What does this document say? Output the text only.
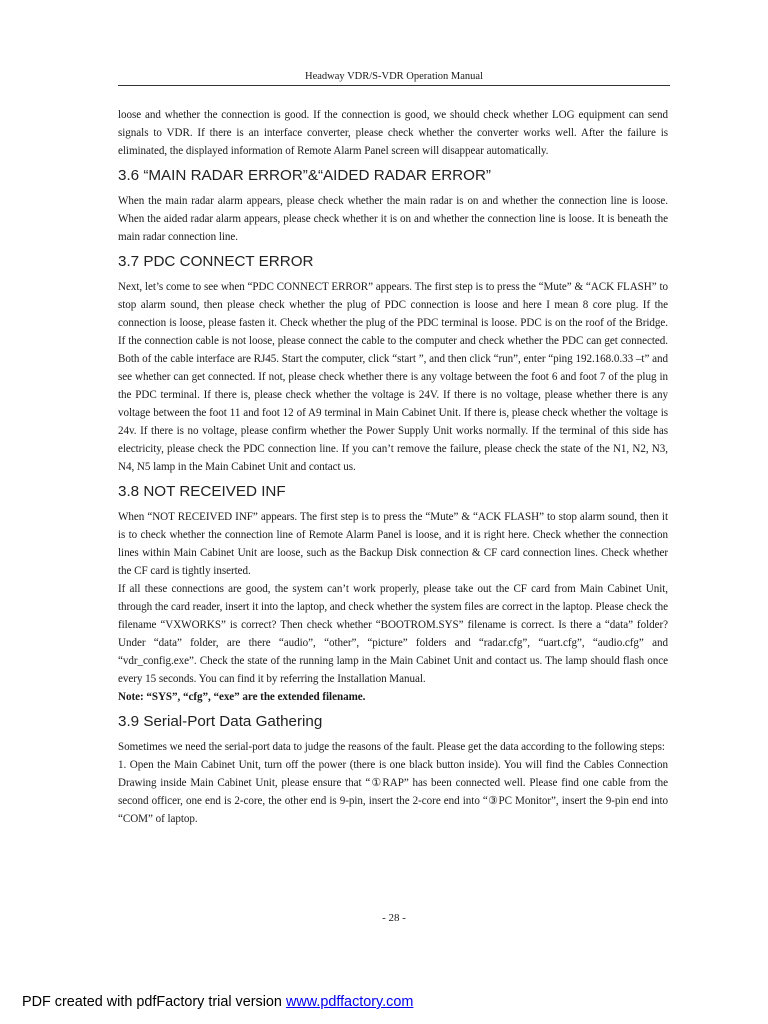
Headway VDR/S-VDR Operation Manual

loose and whether the connection is good. If the connection is good, we should check whether LOG equipment can send signals to VDR. If there is an interface converter, please check whether the converter works well. After the failure is eliminated, the displayed information of Remote Alarm Panel screen will disappear automatically.

3.6 “MAIN RADAR ERROR”&“AIDED RADAR ERROR”

When the main radar alarm appears, please check whether the main radar is on and whether the connection line is loose. When the aided radar alarm appears, please check whether it is on and whether the connection line is loose. It is beneath the main radar connection line.

3.7 PDC CONNECT ERROR

Next, let’s come to see when “PDC CONNECT ERROR” appears. The first step is to press the “Mute” & “ACK FLASH” to stop alarm sound, then please check whether the plug of PDC connection is loose and here I mean 8 core plug. If the connection is loose, please fasten it. Check whether the plug of the PDC terminal is loose. PDC is on the roof of the Bridge. If the connection cable is not loose, please connect the cable to the computer and check whether the PDC can get connected. Both of the cable interface are RJ45. Start the computer, click “start ”, and then click “run”, enter “ping 192.168.0.33 –t” and see whether can get connected. If not, please check whether there is any voltage between the foot 6 and foot 7 of the plug in the PDC terminal. If there is, please check whether the voltage is 24V. If there is no voltage, please whether there is any voltage between the foot 11 and foot 12 of A9 terminal in Main Cabinet Unit. If there is, please check whether the voltage is 24v. If there is no voltage, please confirm whether the Power Supply Unit works normally. If the terminal of this side has electricity, please check the PDC connection line. If you can’t remove the failure, please check the state of the N1, N2, N3, N4, N5 lamp in the Main Cabinet Unit and contact us.

3.8 NOT RECEIVED INF

When “NOT RECEIVED INF” appears. The first step is to press the “Mute” & “ACK FLASH” to stop alarm sound, then it is to check whether the connection line of Remote Alarm Panel is loose, and it is right here. Check whether the connection lines within Main Cabinet Unit are loose, such as the Backup Disk connection & CF card connection lines. Check whether the CF card is tightly inserted.

If all these connections are good, the system can’t work properly, please take out the CF card from Main Cabinet Unit, through the card reader, insert it into the laptop, and check whether the system files are correct in the laptop. Please check the filename “VXWORKS” is correct? Then check whether “BOOTROM.SYS” filename is correct. Is there a “data” folder? Under “data” folder, are there “audio”, “other”, “picture” folders and “radar.cfg”, “uart.cfg”, “audio.cfg” and “vdr_config.exe”. Check the state of the running lamp in the Main Cabinet Unit and contact us. The lamp should flash once every 15 seconds. You can find it by referring the Installation Manual.

Note: “SYS”, “cfg”, “exe” are the extended filename.

3.9 Serial-Port Data Gathering

Sometimes we need the serial-port data to judge the reasons of the fault. Please get the data according to the following steps:

1. Open the Main Cabinet Unit, turn off the power (there is one black button inside). You will find the Cables Connection Drawing inside Main Cabinet Unit, please ensure that “①RAP” has been connected well. Please find one cable from the second officer, one end is 2-core, the other end is 9-pin, insert the 2-core end into “③PC Monitor”, insert the 9-pin end into “COM” of laptop.

- 28 -
PDF created with pdfFactory trial version www.pdffactory.com
